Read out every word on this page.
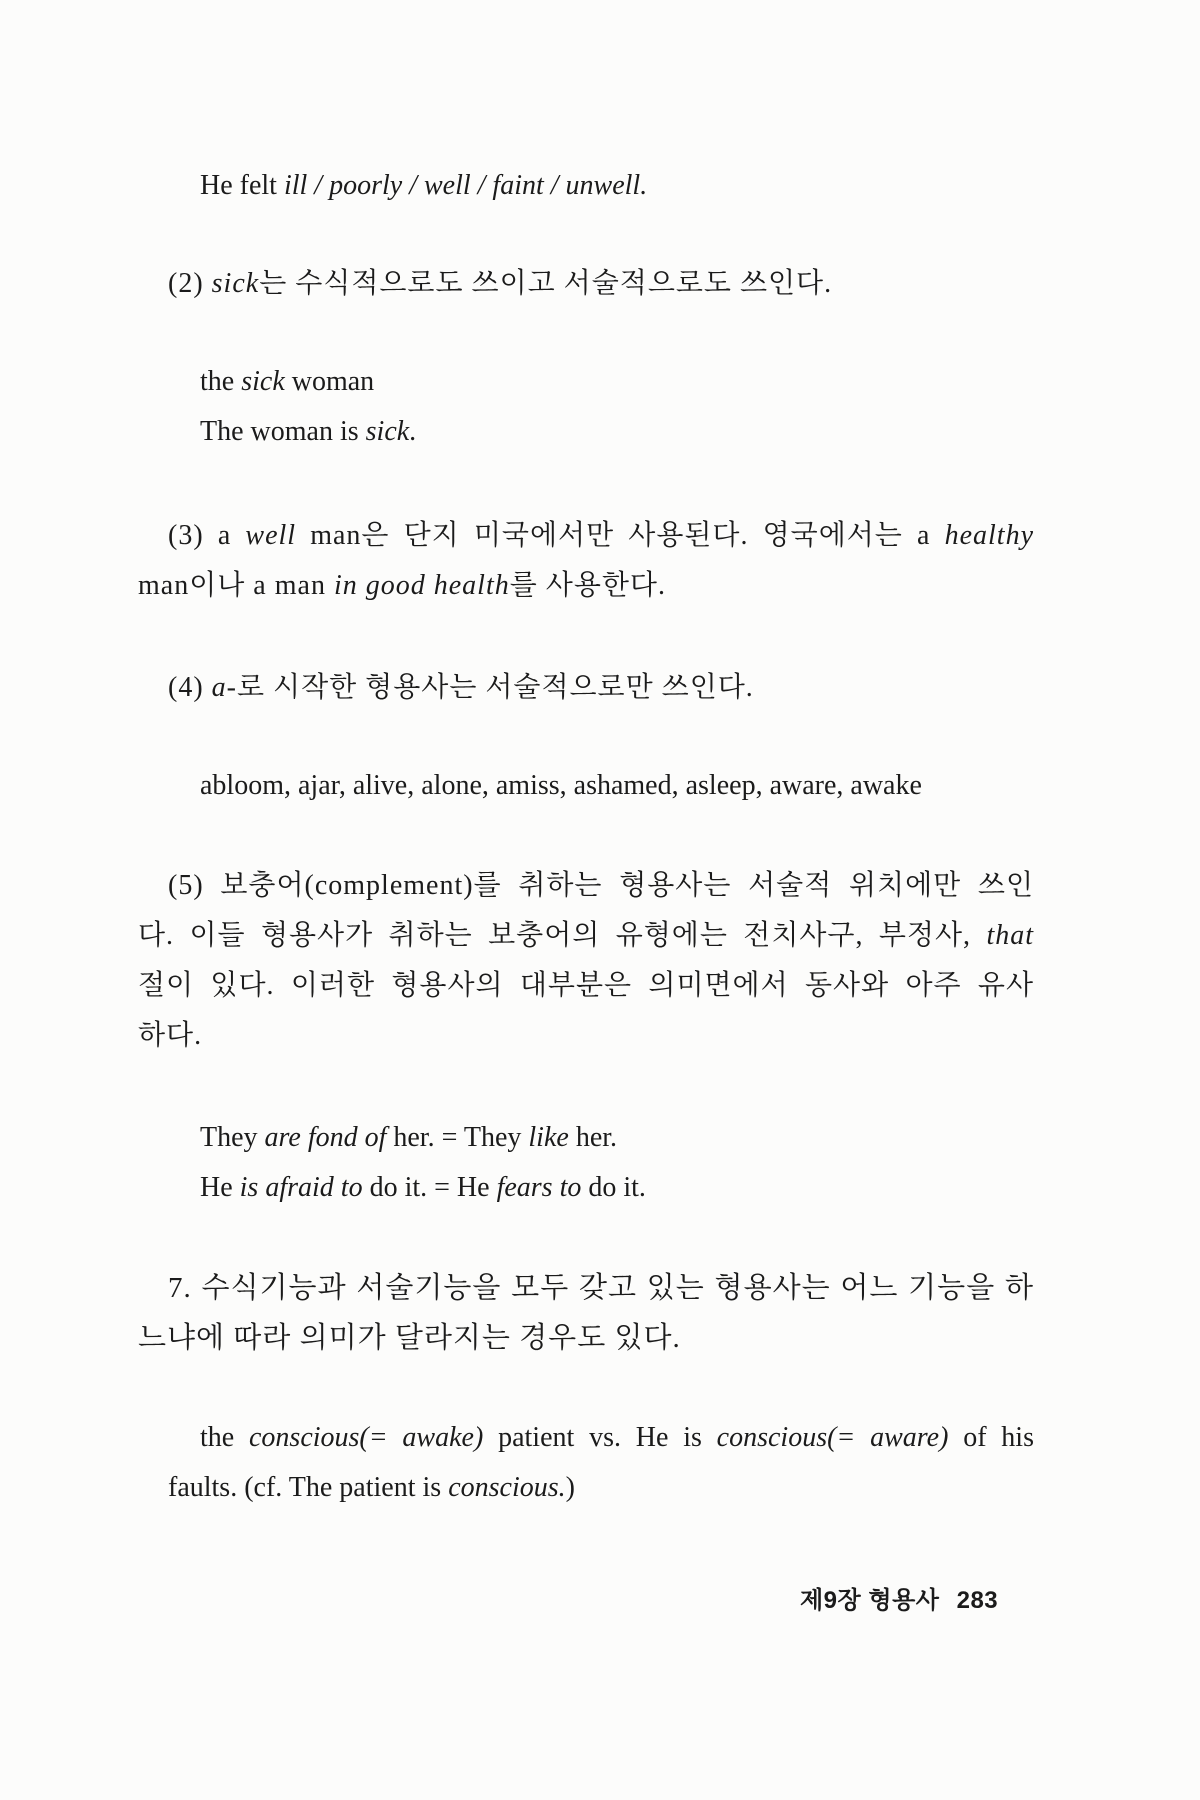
He felt ill / poorly / well / faint / unwell.

(2) sick는 수식적으로도 쓰이고 서술적으로도 쓰인다.

the sick woman

The woman is sick.

(3) a well man은 단지 미국에서만 사용된다. 영국에서는 a healthy

man이나 a man in good health를 사용한다.

(4) a-로 시작한 형용사는 서술적으로만 쓰인다.

abloom, ajar, alive, alone, amiss, ashamed, asleep, aware, awake

(5) 보충어(complement)를 취하는 형용사는 서술적 위치에만 쓰인

다. 이들 형용사가 취하는 보충어의 유형에는 전치사구, 부정사, that

절이 있다. 이러한 형용사의 대부분은 의미면에서 동사와 아주 유사

하다.

They are fond of her. = They like her.

He is afraid to do it. = He fears to do it.

7. 수식기능과 서술기능을 모두 갖고 있는 형용사는 어느 기능을 하

느냐에 따라 의미가 달라지는 경우도 있다.

the conscious(= awake) patient vs. He is conscious(= aware) of his

faults. (cf. The patient is conscious.)

제9장 형용사 283
